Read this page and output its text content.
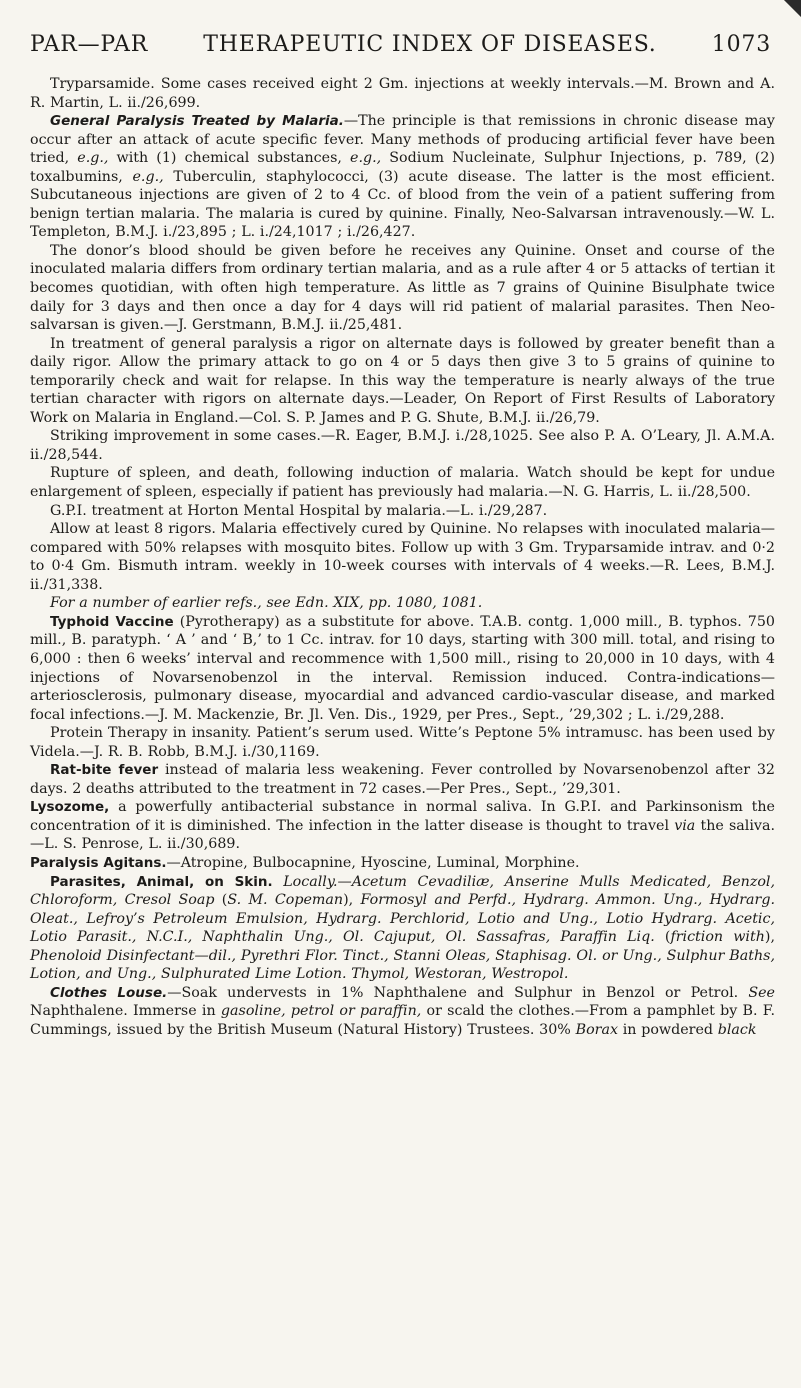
PAR—PAR	THERAPEUTIC INDEX OF DISEASES.	1073

Tryparsamide. Some cases received eight 2 Gm. injections at weekly intervals.—M. Brown and A. R. Martin, L. ii./26,699.

General Paralysis Treated by Malaria.—The principle is that remissions in chronic disease may occur after an attack of acute specific fever. Many methods of producing artificial fever have been tried, e.g., with (1) chemical substances, e.g., Sodium Nucleinate, Sulphur Injections, p. 789, (2) toxalbumins, e.g., Tuberculin, staphylococci, (3) acute disease. The latter is the most efficient. Subcutaneous injections are given of 2 to 4 Cc. of blood from the vein of a patient suffering from benign tertian malaria. The malaria is cured by quinine. Finally, Neo-Salvarsan intravenously.—W. L. Templeton, B.M.J. i./23,895 ; L. i./24,1017 ; i./26,427.

The donor’s blood should be given before he receives any Quinine. Onset and course of the inoculated malaria differs from ordinary tertian malaria, and as a rule after 4 or 5 attacks of tertian it becomes quotidian, with often high temperature. As little as 7 grains of Quinine Bisulphate twice daily for 3 days and then once a day for 4 days will rid patient of malarial parasites. Then Neo-salvarsan is given.—J. Gerstmann, B.M.J. ii./25,481.

In treatment of general paralysis a rigor on alternate days is followed by greater benefit than a daily rigor. Allow the primary attack to go on 4 or 5 days then give 3 to 5 grains of quinine to temporarily check and wait for relapse. In this way the temperature is nearly always of the true tertian character with rigors on alternate days.—Leader, On Report of First Results of Laboratory Work on Malaria in England.—Col. S. P. James and P. G. Shute, B.M.J. ii./26,79.

Striking improvement in some cases.—R. Eager, B.M.J. i./28,1025. See also P. A. O’Leary, Jl. A.M.A. ii./28,544.

Rupture of spleen, and death, following induction of malaria. Watch should be kept for undue enlargement of spleen, especially if patient has previously had malaria.—N. G. Harris, L. ii./28,500.

G.P.I. treatment at Horton Mental Hospital by malaria.—L. i./29,287.

Allow at least 8 rigors. Malaria effectively cured by Quinine. No relapses with inoculated malaria—compared with 50% relapses with mosquito bites. Follow up with 3 Gm. Tryparsamide intrav. and 0·2 to 0·4 Gm. Bismuth intram. weekly in 10-week courses with intervals of 4 weeks.—R. Lees, B.M.J. ii./31,338.

For a number of earlier refs., see Edn. XIX, pp. 1080, 1081.

Typhoid Vaccine (Pyrotherapy) as a substitute for above. T.A.B. contg. 1,000 mill., B. typhos. 750 mill., B. paratyph. ‘ A ’ and ‘ B,’ to 1 Cc. intrav. for 10 days, starting with 300 mill. total, and rising to 6,000 : then 6 weeks’ interval and recommence with 1,500 mill., rising to 20,000 in 10 days, with 4 injections of Novarsenobenzol in the interval. Remission induced. Contra-indications—arteriosclerosis, pulmonary disease, myocardial and advanced cardio-vascular disease, and marked focal infections.—J. M. Mackenzie, Br. Jl. Ven. Dis., 1929, per Pres., Sept., ’29,302 ; L. i./29,288.

Protein Therapy in insanity. Patient’s serum used. Witte’s Peptone 5% intramusc. has been used by Videla.—J. R. B. Robb, B.M.J. i./30,1169.

Rat-bite fever instead of malaria less weakening. Fever controlled by Novarsenobenzol after 32 days. 2 deaths attributed to the treatment in 72 cases.—Per Pres., Sept., ’29,301.

Lysozome, a powerfully antibacterial substance in normal saliva. In G.P.I. and Parkinsonism the concentration of it is diminished. The infection in the latter disease is thought to travel via the saliva.—L. S. Penrose, L. ii./30,689.

Paralysis Agitans.—Atropine, Bulbocapnine, Hyoscine, Luminal, Morphine.

Parasites, Animal, on Skin. Locally.—Acetum Cevadiliæ, Anserine Mulls Medicated, Benzol, Chloroform, Cresol Soap (S. M. Copeman), Formosyl and Perfd., Hydrarg. Ammon. Ung., Hydrarg. Oleat., Lefroy’s Petroleum Emulsion, Hydrarg. Perchlorid, Lotio and Ung., Lotio Hydrarg. Acetic, Lotio Parasit., N.C.I., Naphthalin Ung., Ol. Cajuput, Ol. Sassafras, Paraffin Liq. (friction with), Phenoloid Disinfectant—dil., Pyrethri Flor. Tinct., Stanni Oleas, Staphisag. Ol. or Ung., Sulphur Baths, Lotion, and Ung., Sulphurated Lime Lotion. Thymol, Westoran, Westropol.

Clothes Louse.—Soak undervests in 1% Naphthalene and Sulphur in Benzol or Petrol. See Naphthalene. Immerse in gasoline, petrol or paraffin, or scald the clothes.—From a pamphlet by B. F. Cummings, issued by the British Museum (Natural History) Trustees. 30% Borax in powdered black
